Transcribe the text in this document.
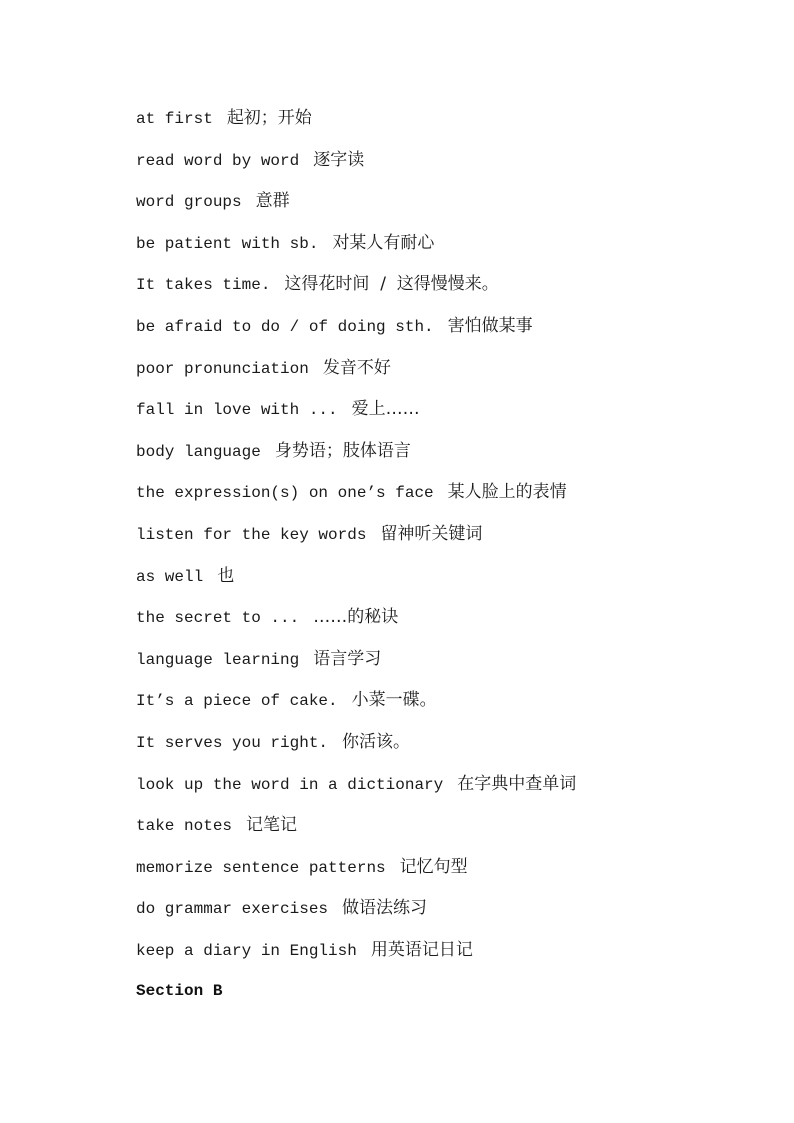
at first 起初；开始
read word by word 逐字读
word groups 意群
be patient with sb. 对某人有耐心
It takes time. 这得花时间  /  这得慢慢来。
be afraid to do / of doing sth. 害怕做某事
poor pronunciation 发音不好
fall in love with ... 爱上……
body language 身势语；肢体语言
the expression(s) on one’s face 某人脸上的表情
listen for the key words 留神听关键词
as well 也
the secret to ... ……的秘诀
language learning 语言学习
It’s a piece of cake. 小菜一碟。
It serves you right. 你活该。
look up the word in a dictionary 在字典中查单词
take notes 记笔记
memorize sentence patterns 记忆句型
do grammar exercises 做语法练习
keep a diary in English 用英语记日记
Section B
